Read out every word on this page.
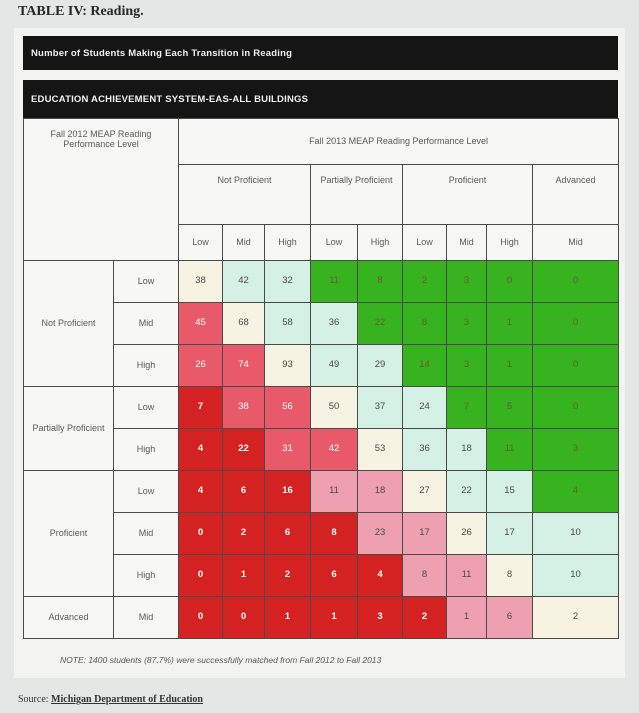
TABLE IV: Reading.
Number of Students Making Each Transition in Reading
EDUCATION ACHIEVEMENT SYSTEM-EAS-ALL BUILDINGS
Fall 2012 MEAP Reading Performance Level		Fall 2013 MEAP Reading Performance Level								
		Not Proficient			Partially Proficient		Proficient			Advanced
		Low	Mid	High	Low	High	Low	Mid	High	Mid
Not Proficient	Low	38	42	32	11	8	2	3	0	0
	Mid	45	68	58	36	22	8	3	1	0
	High	26	74	93	49	29	14	3	1	0
Partially Proficient	Low	7	38	56	50	37	24	7	5	0
	High	4	22	31	42	53	36	18	11	3
Proficient	Low	4	6	16	11	18	27	22	15	4
	Mid	0	2	6	8	23	17	26	17	10
	High	0	1	2	6	4	8	11	8	10
Advanced	Mid	0	0	1	1	3	2	1	6	2
NOTE: 1400 students (87.7%) were successfully matched from Fall 2012 to Fall 2013
Source: Michigan Department of Education
